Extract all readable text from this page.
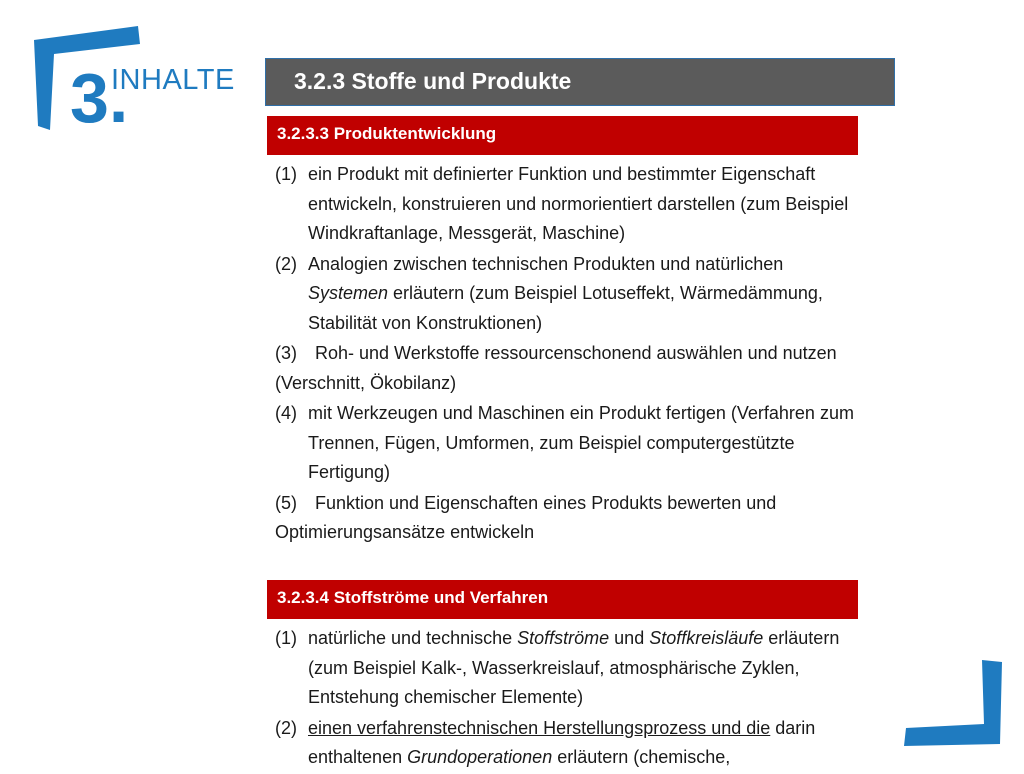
3.
INHALTE	3.2.3 Stoffe und Produkte
3.2.3.3 Produktentwicklung
(1) ein Produkt mit definierter Funktion und bestimmter Eigenschaft entwickeln, konstruieren und normorientiert darstellen (zum Beispiel Windkraftanlage, Messgerät, Maschine)
(2) Analogien zwischen technischen Produkten und natürlichen Systemen erläutern (zum Beispiel Lotuseffekt, Wärmedämmung, Stabilität von Konstruktionen)
(3) Roh- und Werkstoffe ressourcenschonend auswählen und nutzen (Verschnitt, Ökobilanz)
(4) mit Werkzeugen und Maschinen ein Produkt fertigen (Verfahren zum Trennen, Fügen, Umformen, zum Beispiel computergestützte Fertigung)
(5) Funktion und Eigenschaften eines Produkts bewerten und Optimierungsansätze entwickeln
3.2.3.4 Stoffströme und Verfahren
(1) natürliche und technische Stoffströme und Stoffkreisläufe erläutern (zum Beispiel Kalk-, Wasserkreislauf, atmosphärische Zyklen, Entstehung chemischer Elemente)
(2) einen verfahrenstechnischen Herstellungsprozess und die darin enthaltenen Grundoperationen erläutern (chemische,
